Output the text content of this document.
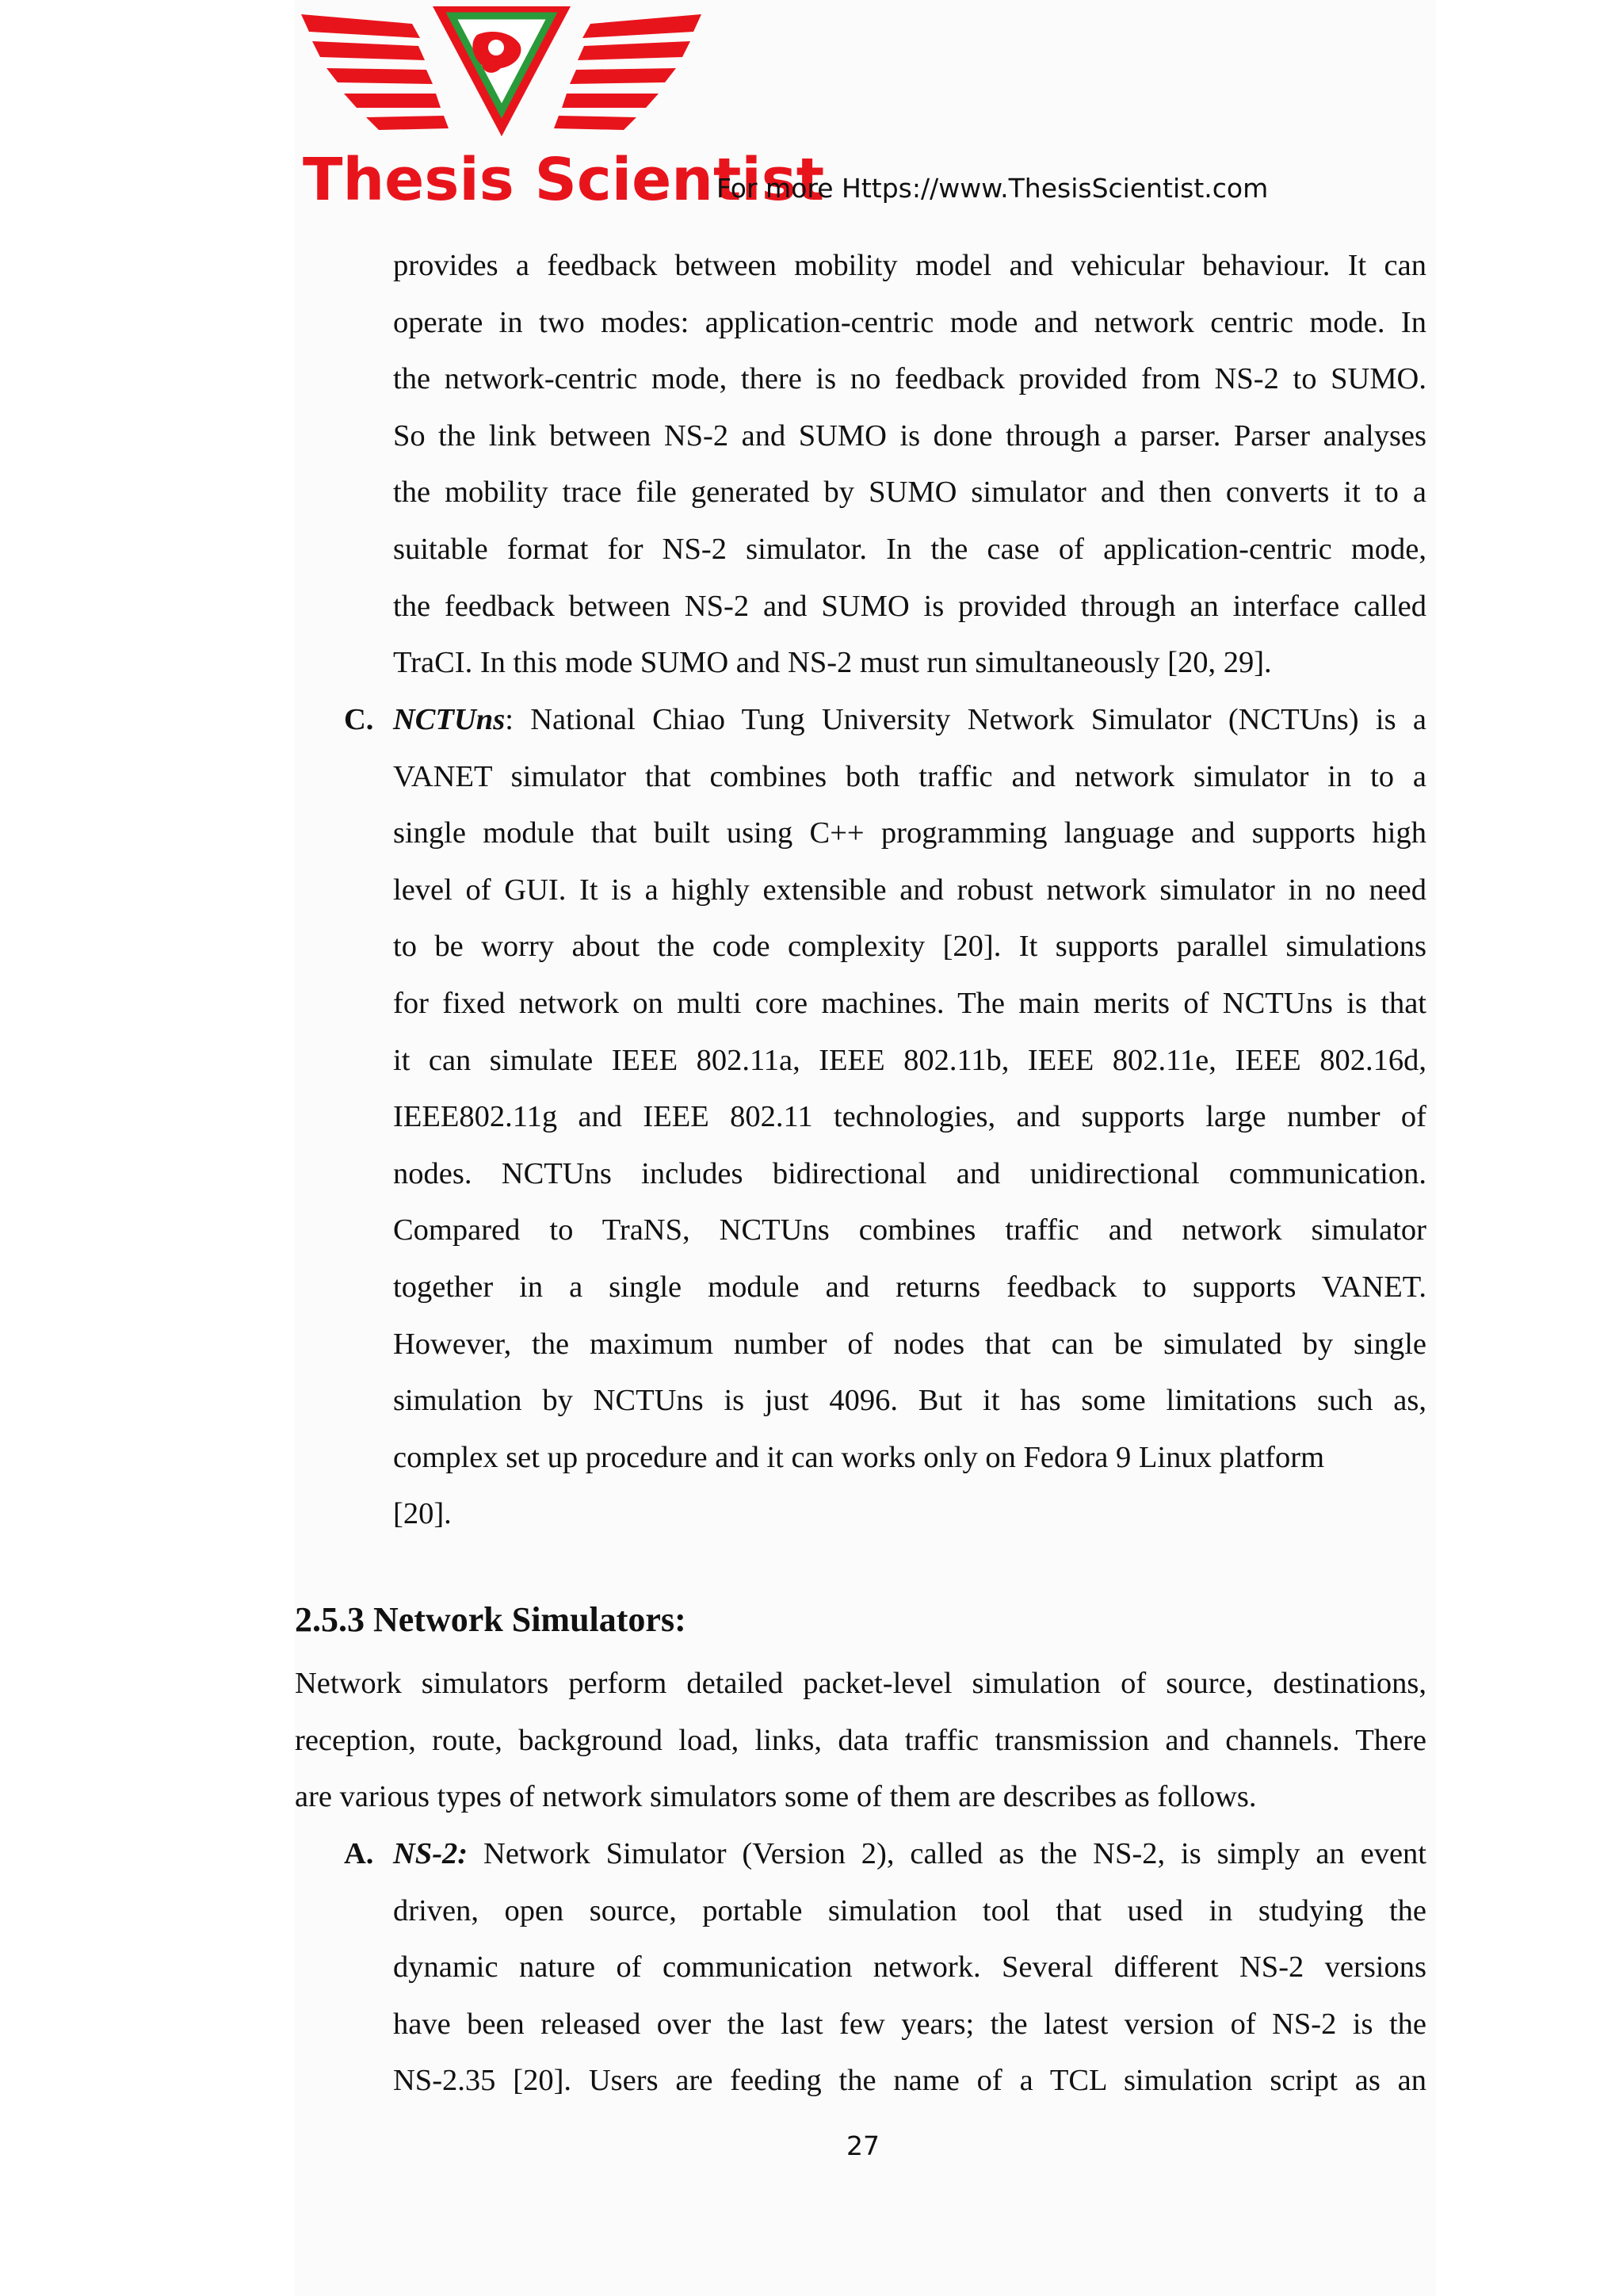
Thesis Scientist
For more Https://www.ThesisScientist.com
provides a feedback between mobility model and vehicular behaviour. It can
operate in two modes: application-centric mode and network centric mode. In
the network-centric mode, there is no feedback provided from NS-2 to SUMO.
So the link between NS-2 and SUMO is done through a parser. Parser analyses
the mobility trace file generated by SUMO simulator and then converts it to a
suitable format for NS-2 simulator. In the case of application-centric mode,
the feedback between NS-2 and SUMO is provided through an interface called
TraCI. In this mode SUMO and NS-2 must run simultaneously [20, 29].
C. NCTUns: National Chiao Tung University Network Simulator (NCTUns) is a
VANET simulator that combines both traffic and network simulator in to a
single module that built using C++ programming language and supports high
level of GUI. It is a highly extensible and robust network simulator in no need
to be worry about the code complexity [20]. It supports parallel simulations
for fixed network on multi core machines. The main merits of NCTUns is that
it can simulate IEEE 802.11a, IEEE 802.11b, IEEE 802.11e, IEEE 802.16d,
IEEE802.11g and IEEE 802.11 technologies, and supports large number of
nodes. NCTUns includes bidirectional and unidirectional communication.
Compared to TraNS, NCTUns combines traffic and network simulator
together in a single module and returns feedback to supports VANET.
However, the maximum number of nodes that can be simulated by single
simulation by NCTUns is just 4096. But it has some limitations such as,
complex set up procedure and it can works only on Fedora 9 Linux platform
[20].
2.5.3 Network Simulators:
Network simulators perform detailed packet-level simulation of source, destinations,
reception, route, background load, links, data traffic transmission and channels. There
are various types of network simulators some of them are describes as follows.
A. NS-2: Network Simulator (Version 2), called as the NS-2, is simply an event
driven, open source, portable simulation tool that used in studying the
dynamic nature of communication network. Several different NS-2 versions
have been released over the last few years; the latest version of NS-2 is the
NS-2.35 [20]. Users are feeding the name of a TCL simulation script as an
27
